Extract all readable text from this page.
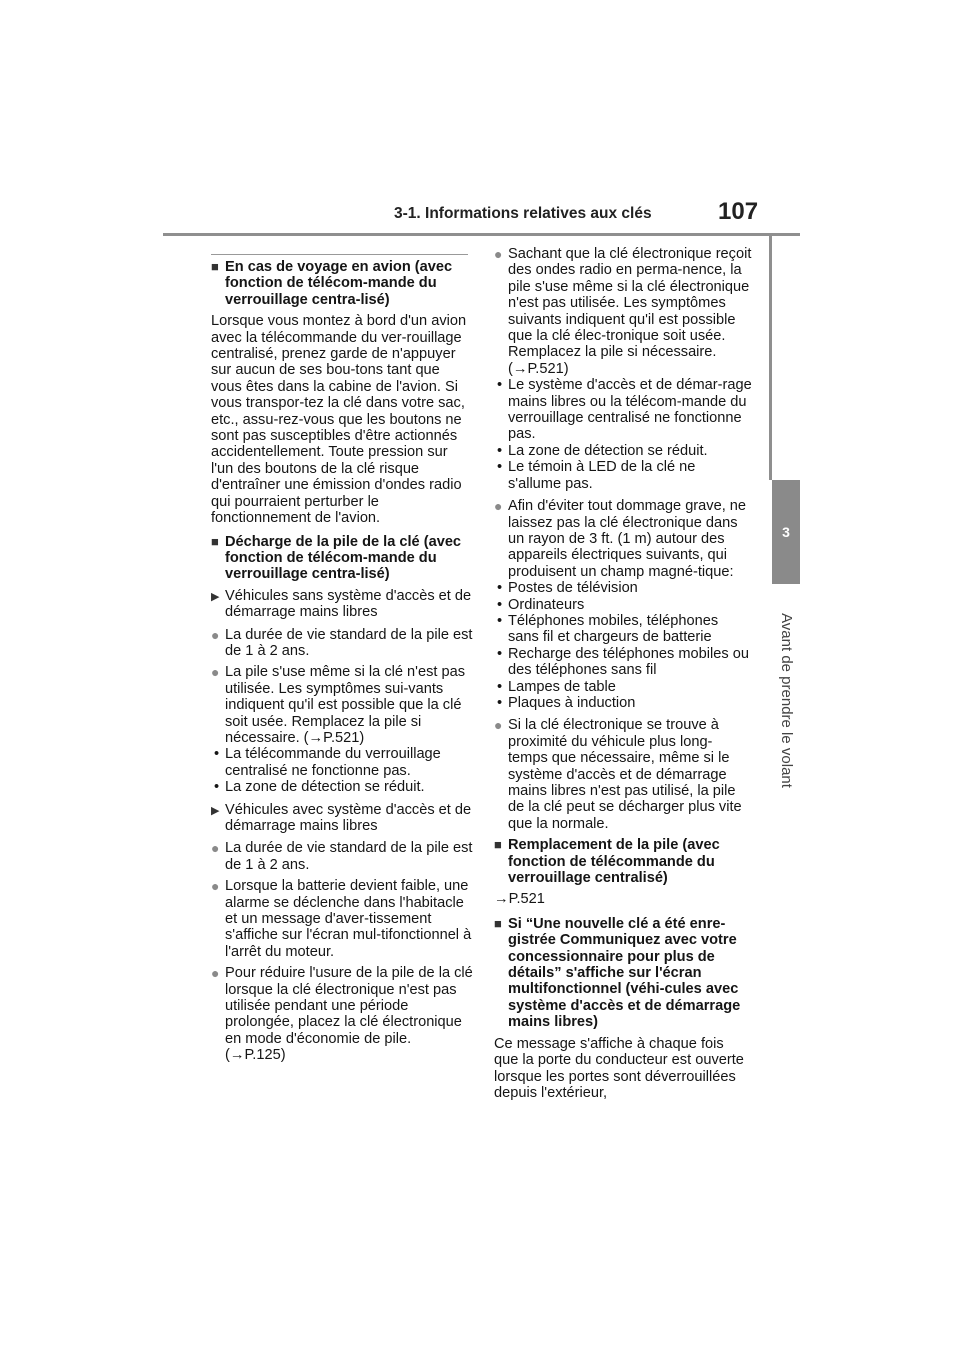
3-1. Informations relatives aux clés	107
3
Avant de prendre le volant
■ En cas de voyage en avion (avec fonction de télécom-mande du verrouillage centra-lisé)

Lorsque vous montez à bord d'un avion avec la télécommande du ver-rouillage centralisé, prenez garde de n'appuyer sur aucun de ses bou-tons tant que vous êtes dans la cabine de l'avion. Si vous transpor-tez la clé dans votre sac, etc., assu-rez-vous que les boutons ne sont pas susceptibles d'être actionnés accidentellement. Toute pression sur l'un des boutons de la clé risque d'entraîner une émission d'ondes radio qui pourraient perturber le fonctionnement de l'avion.

■ Décharge de la pile de la clé (avec fonction de télécom-mande du verrouillage centra-lisé)
▶ Véhicules sans système d'accès et de démarrage mains libres
● La durée de vie standard de la pile est de 1 à 2 ans.
● La pile s'use même si la clé n'est pas utilisée. Les symptômes sui-vants indiquent qu'il est possible que la clé soit usée. Remplacez la pile si nécessaire. (→P.521)
• La télécommande du verrouillage centralisé ne fonctionne pas.
• La zone de détection se réduit.
▶ Véhicules avec système d'accès et de démarrage mains libres
● La durée de vie standard de la pile est de 1 à 2 ans.
● Lorsque la batterie devient faible, une alarme se déclenche dans l'habitacle et un message d'aver-tissement s'affiche sur l'écran mul-tifonctionnel à l'arrêt du moteur.
● Pour réduire l'usure de la pile de la clé lorsque la clé électronique n'est pas utilisée pendant une période prolongée, placez la clé électronique en mode d'économie de pile. (→P.125)
● Sachant que la clé électronique reçoit des ondes radio en perma-nence, la pile s'use même si la clé électronique n'est pas utilisée. Les symptômes suivants indiquent qu'il est possible que la clé élec-tronique soit usée. Remplacez la pile si nécessaire. (→P.521)
• Le système d'accès et de démar-rage mains libres ou la télécom-mande du verrouillage centralisé ne fonctionne pas.
• La zone de détection se réduit.
• Le témoin à LED de la clé ne s'allume pas.
● Afin d'éviter tout dommage grave, ne laissez pas la clé électronique dans un rayon de 3 ft. (1 m) autour des appareils électriques suivants, qui produisent un champ magné-tique:
• Postes de télévision
• Ordinateurs
• Téléphones mobiles, téléphones sans fil et chargeurs de batterie
• Recharge des téléphones mobiles ou des téléphones sans fil
• Lampes de table
• Plaques à induction
● Si la clé électronique se trouve à proximité du véhicule plus long-temps que nécessaire, même si le système d'accès et de démarrage mains libres n'est pas utilisé, la pile de la clé peut se décharger plus vite que la normale.
■ Remplacement de la pile (avec fonction de télécommande du verrouillage centralisé)

→P.521

■ Si “Une nouvelle clé a été enre-gistrée Communiquez avec votre concessionnaire pour plus de détails” s'affiche sur l'écran multifonctionnel (véhi-cules avec système d'accès et de démarrage mains libres)

Ce message s'affiche à chaque fois que la porte du conducteur est ouverte lorsque les portes sont déverrouillées depuis l'extérieur,
